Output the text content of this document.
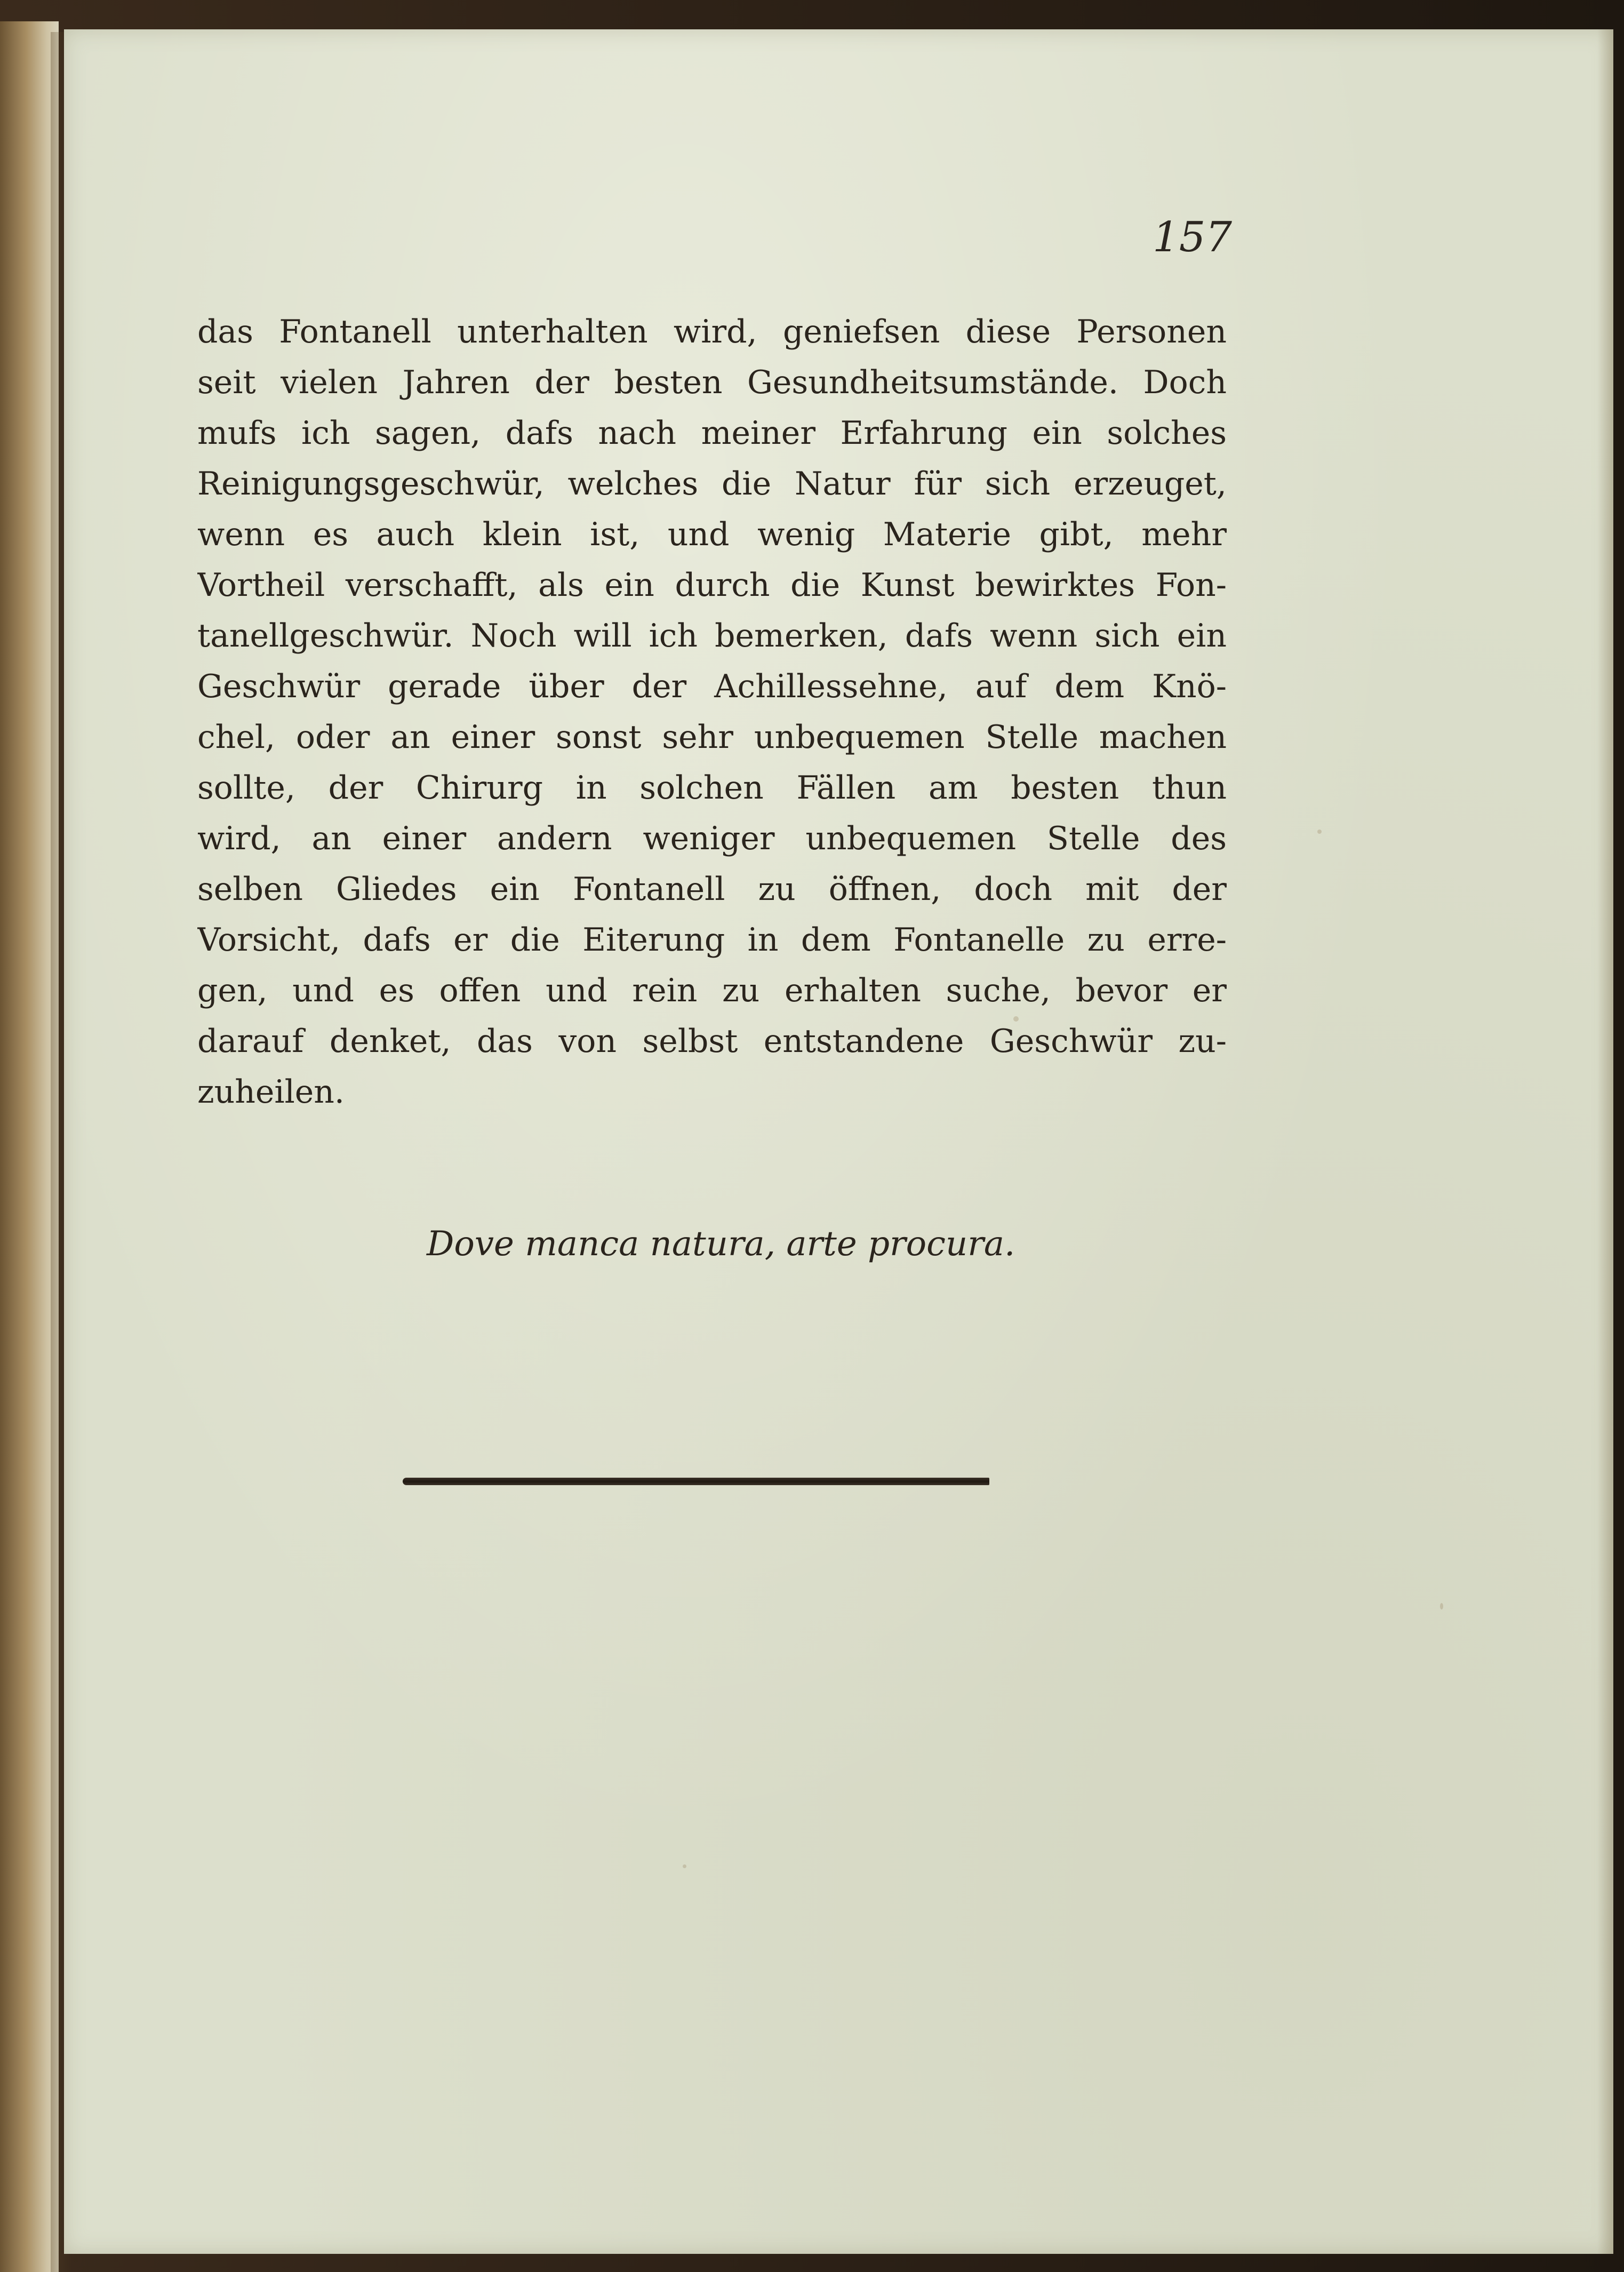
157
das Fontanell unterhalten wird, geniefsen diese Personen
seit vielen Jahren der besten Gesundheitsumstände. Doch
mufs ich sagen, dafs nach meiner Erfahrung ein solches
Reinigungsgeschwür, welches die Natur für sich erzeuget,
wenn es auch klein ist, und wenig Materie gibt, mehr
Vortheil verschafft, als ein durch die Kunst bewirktes Fon-
tanellgeschwür. Noch will ich bemerken, dafs wenn sich ein
Geschwür gerade über der Achillessehne, auf dem Knö-
chel, oder an einer sonst sehr unbequemen Stelle machen
sollte, der Chirurg in solchen Fällen am besten thun
wird, an einer andern weniger unbequemen Stelle des
selben Gliedes ein Fontanell zu öffnen, doch mit der
Vorsicht, dafs er die Eiterung in dem Fontanelle zu erre-
gen, und es offen und rein zu erhalten suche, bevor er
darauf denket, das von selbst entstandene Geschwür zu-
zuheilen.
Dove manca natura, arte procura.
